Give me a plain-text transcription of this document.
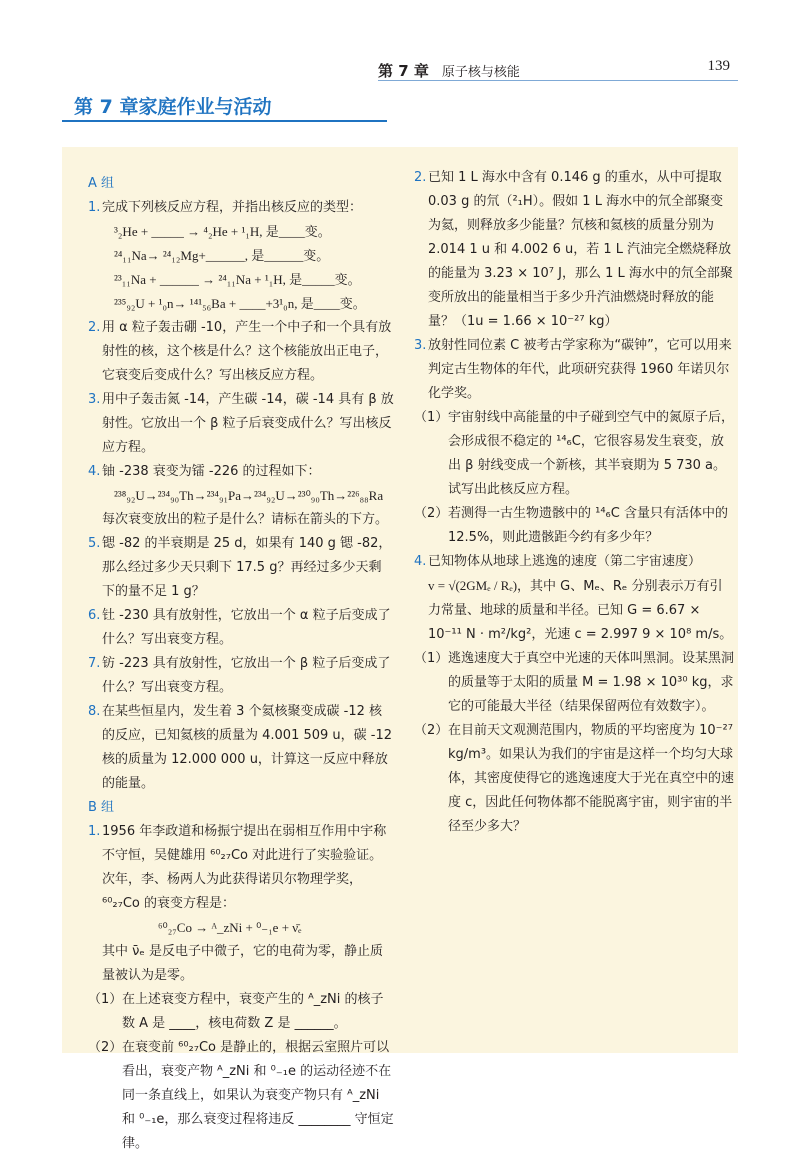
第 7 章　 原子核与核能	139
第 7 章家庭作业与活动
A 组
1. 完成下列核反应方程，并指出核反应的类型：
³₂He + _____ → ⁴₂He + ¹₁H, 是____变。
²⁴₁₁Na→ ²⁴₁₂Mg+______, 是______变。
²³₁₁Na + ______ → ²⁴₁₁Na + ¹₁H, 是_____变。
²³⁵₉₂U + ¹₀n→ ¹⁴¹₅₆Ba + ____+3¹₀n, 是____变。
2. 用 α 粒子轰击硼 -10，产生一个中子和一个具有放射性的核，这个核是什么？这个核能放出正电子，它衰变后变成什么？写出核反应方程。
3. 用中子轰击氮 -14，产生碳 -14，碳 -14 具有 β 放射性。它放出一个 β 粒子后衰变成什么？写出核反应方程。
4. 铀 -238 衰变为镭 -226 的过程如下：
²³⁸₉₂U→²³⁴₉₀Th→²³⁴₉₁Pa→²³⁴₉₂U→²³⁰₉₀Th→²²⁶₈₈Ra
每次衰变放出的粒子是什么？请标在箭头的下方。
5. 锶 -82 的半衰期是 25 d，如果有 140 g 锶 -82，那么经过多少天只剩下 17.5 g？再经过多少天剩下的量不足 1 g？
6. 钍 -230 具有放射性，它放出一个 α 粒子后变成了什么？写出衰变方程。
7. 钫 -223 具有放射性，它放出一个 β 粒子后变成了什么？写出衰变方程。
8. 在某些恒星内，发生着 3 个氦核聚变成碳 -12 核的反应，已知氦核的质量为 4.001 509 u，碳 -12 核的质量为 12.000 000 u，计算这一反应中释放的能量。
B 组
1. 1956 年李政道和杨振宁提出在弱相互作用中宇称不守恒，吴健雄用 ⁶⁰₂₇Co 对此进行了实验验证。次年，李、杨两人为此获得诺贝尔物理学奖，⁶⁰₂₇Co 的衰变方程是：
⁶⁰₂₇Co → ᴬ_ᴢNi + ⁰₋₁e + ν̄ₑ
其中 ν̄ₑ 是反电子中微子，它的电荷为零，静止质量被认为是零。
（1） 在上述衰变方程中，衰变产生的 ᴬ_ᴢNi 的核子数 A 是 ____，核电荷数 Z 是 ______。
（2） 在衰变前 ⁶⁰₂₇Co 是静止的，根据云室照片可以看出，衰变产物 ᴬ_ᴢNi 和 ⁰₋₁e 的运动径迹不在同一条直线上，如果认为衰变产物只有 ᴬ_ᴢNi 和 ⁰₋₁e，那么衰变过程将违反 ________ 守恒定律。
2. 已知 1 L 海水中含有 0.146 g 的重水，从中可提取 0.03 g 的氘（²₁H）。假如 1 L 海水中的氘全部聚变为氦，则释放多少能量？氘核和氦核的质量分别为 2.014 1 u 和 4.002 6 u，若 1 L 汽油完全燃烧释放的能量为 3.23 × 10⁷ J，那么 1 L 海水中的氘全部聚变所放出的能量相当于多少升汽油燃烧时释放的能量？（1u = 1.66 × 10⁻²⁷ kg）
3. 放射性同位素 C 被考古学家称为“碳钟”，它可以用来判定古生物体的年代，此项研究获得 1960 年诺贝尔化学奖。
（1） 宇宙射线中高能量的中子碰到空气中的氮原子后，会形成很不稳定的 ¹⁴₆C，它很容易发生衰变，放出 β 射线变成一个新核，其半衰期为 5 730 a。试写出此核反应方程。
（2） 若测得一古生物遗骸中的 ¹⁴₆C 含量只有活体中的 12.5%，则此遗骸距今约有多少年？
4. 已知物体从地球上逃逸的速度（第二宇宙速度）
v = √(2GMₑ / Rₑ)，其中 G、Mₑ、Rₑ 分别表示万有引力常量、地球的质量和半径。已知 G = 6.67 × 10⁻¹¹ N · m²/kg²，光速 c = 2.997 9 × 10⁸ m/s。
（1） 逃逸速度大于真空中光速的天体叫黑洞。设某黑洞的质量等于太阳的质量 M = 1.98 × 10³⁰ kg，求它的可能最大半径（结果保留两位有效数字）。
（2） 在目前天文观测范围内，物质的平均密度为 10⁻²⁷ kg/m³。如果认为我们的宇宙是这样一个均匀大球体，其密度使得它的逃逸速度大于光在真空中的速度 c，因此任何物体都不能脱离宇宙，则宇宙的半径至少多大？
